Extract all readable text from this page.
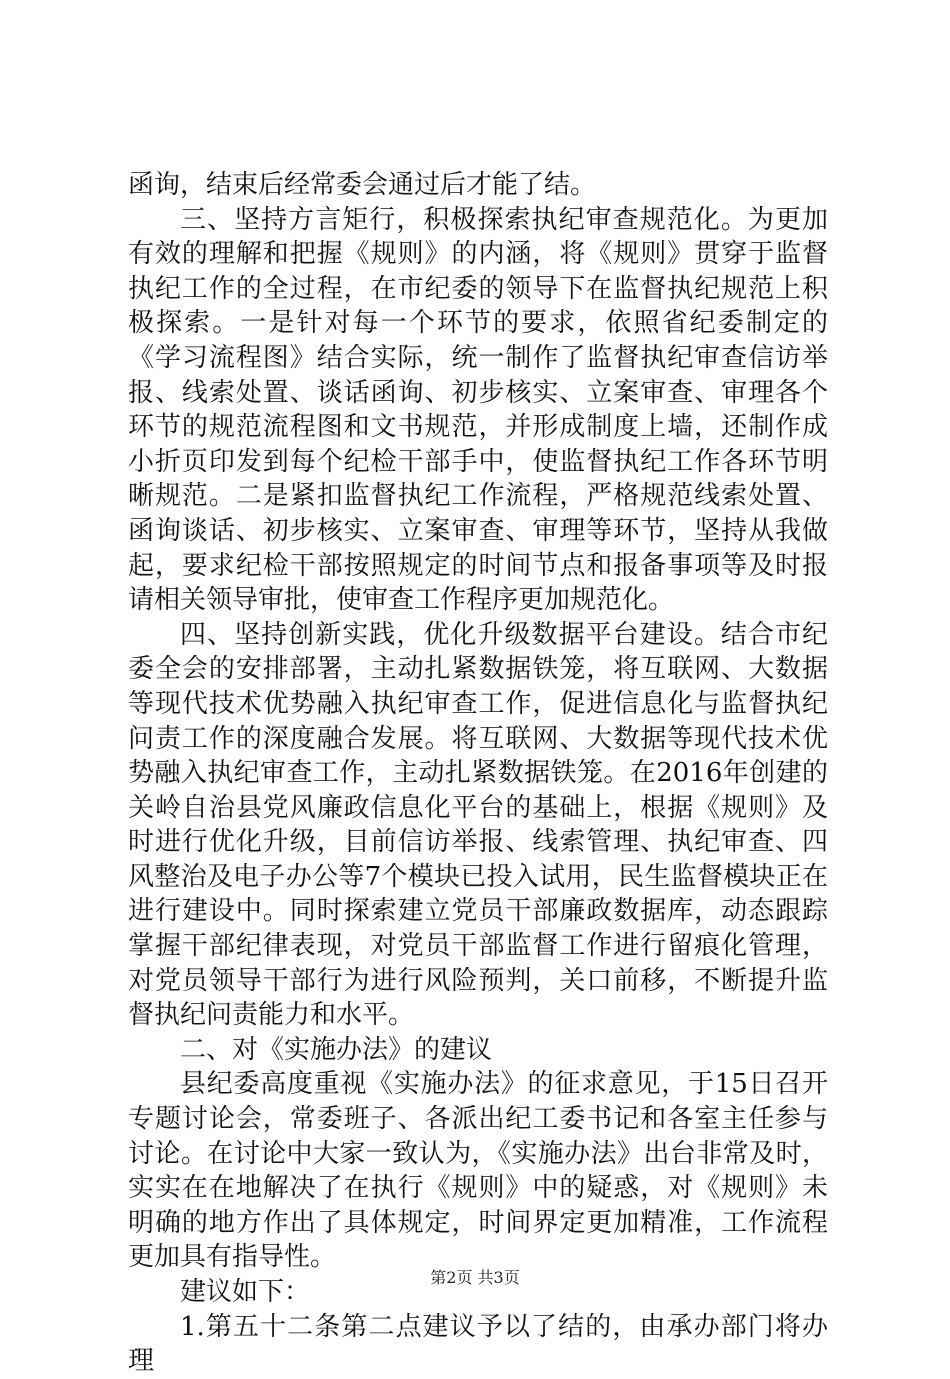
函询，结束后经常委会通过后才能了结。

三、坚持方言矩行，积极探索执纪审查规范化。为更加有效的理解和把握《规则》的内涵，将《规则》贯穿于监督执纪工作的全过程，在市纪委的领导下在监督执纪规范上积极探索。一是针对每一个环节的要求，依照省纪委制定的《学习流程图》结合实际，统一制作了监督执纪审查信访举报、线索处置、谈话函询、初步核实、立案审查、审理各个环节的规范流程图和文书规范，并形成制度上墙，还制作成小折页印发到每个纪检干部手中，使监督执纪工作各环节明晰规范。二是紧扣监督执纪工作流程，严格规范线索处置、函询谈话、初步核实、立案审查、审理等环节，坚持从我做起，要求纪检干部按照规定的时间节点和报备事项等及时报请相关领导审批，使审查工作程序更加规范化。

四、坚持创新实践，优化升级数据平台建设。结合市纪委全会的安排部署，主动扎紧数据铁笼，将互联网、大数据等现代技术优势融入执纪审查工作，促进信息化与监督执纪问责工作的深度融合发展。将互联网、大数据等现代技术优势融入执纪审查工作，主动扎紧数据铁笼。在2016年创建的关岭自治县党风廉政信息化平台的基础上，根据《规则》及时进行优化升级，目前信访举报、线索管理、执纪审查、四风整治及电子办公等7个模块已投入试用，民生监督模块正在进行建设中。同时探索建立党员干部廉政数据库，动态跟踪掌握干部纪律表现，对党员干部监督工作进行留痕化管理，对党员领导干部行为进行风险预判，关口前移，不断提升监督执纪问责能力和水平。

二、对《实施办法》的建议

县纪委高度重视《实施办法》的征求意见，于15日召开专题讨论会，常委班子、各派出纪工委书记和各室主任参与讨论。在讨论中大家一致认为，《实施办法》出台非常及时，实实在在地解决了在执行《规则》中的疑惑，对《规则》未明确的地方作出了具体规定，时间界定更加精准，工作流程更加具有指导性。

建议如下：

1.第五十二条第二点建议予以了结的，由承办部门将办理

第2页 共3页
